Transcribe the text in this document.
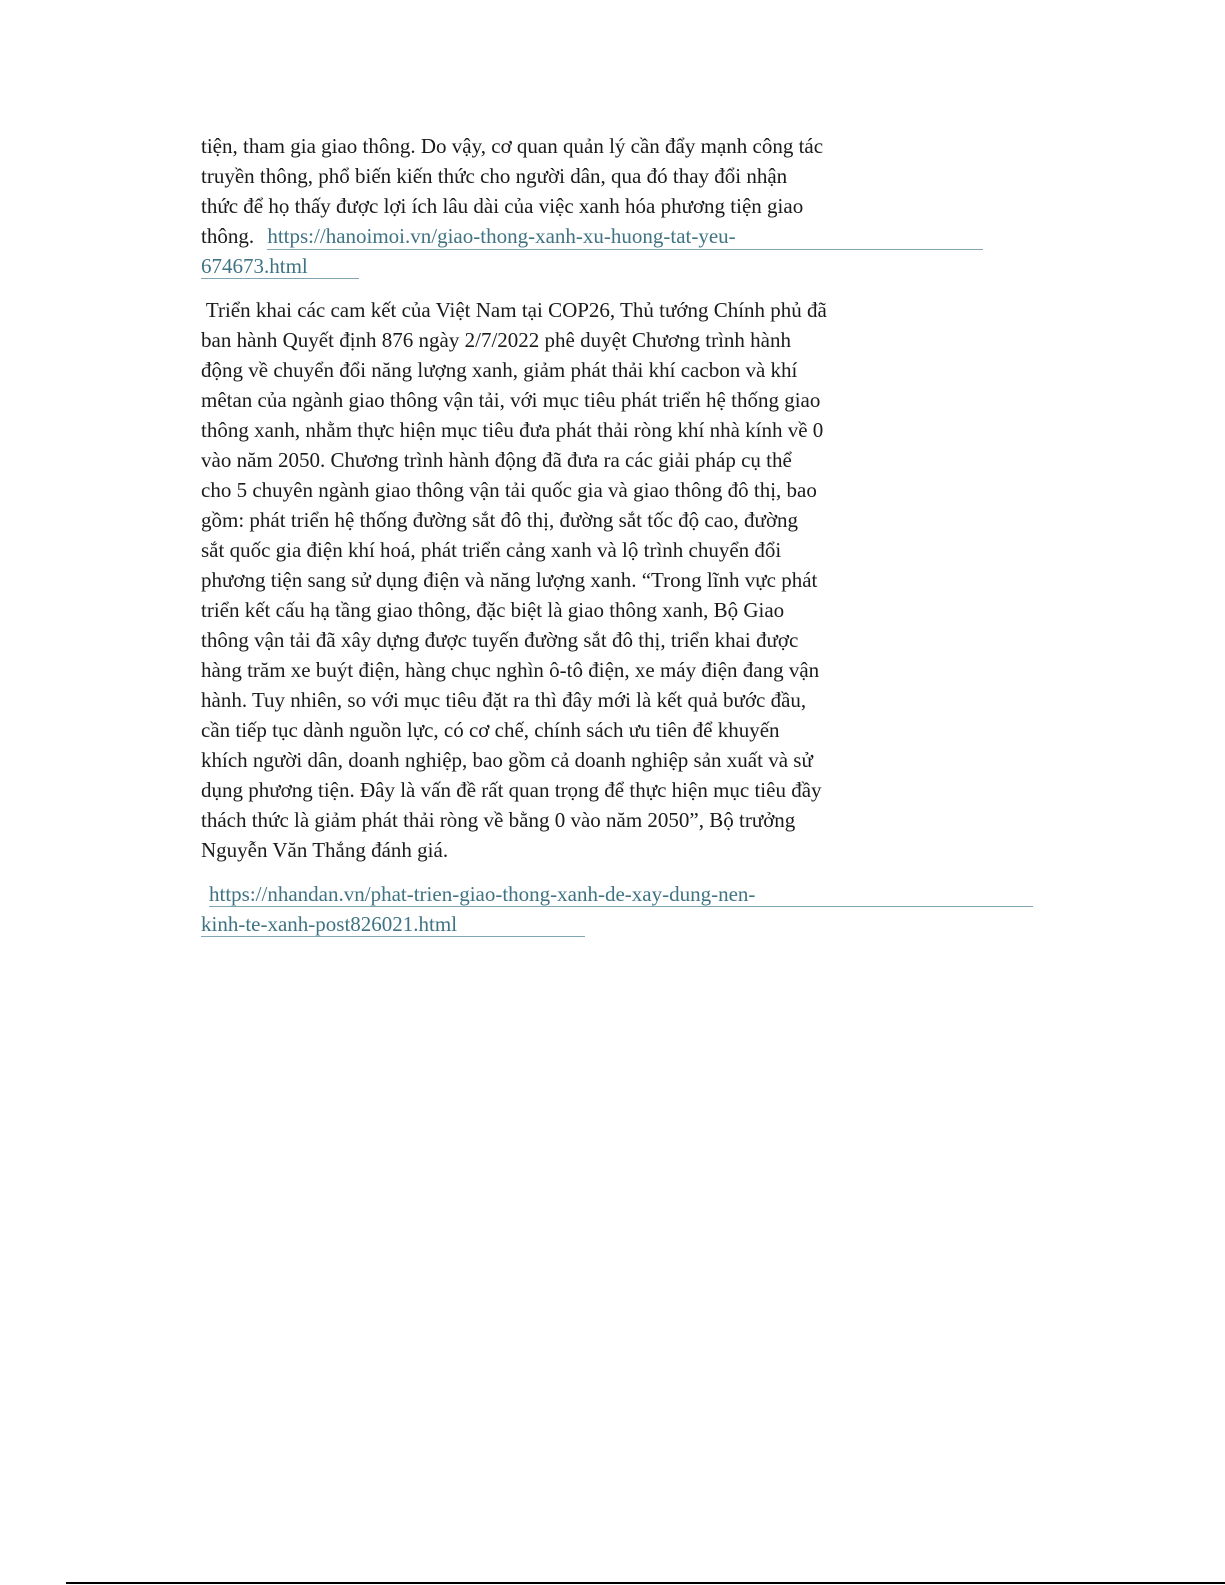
tiện, tham gia giao thông. Do vậy, cơ quan quản lý cần đẩy mạnh công tác
truyền thông, phổ biến kiến thức cho người dân, qua đó thay đổi nhận
thức để họ thấy được lợi ích lâu dài của việc xanh hóa phương tiện giao
thông. https://hanoimoi.vn/giao-thong-xanh-xu-huong-tat-yeu-
674673.html

Triển khai các cam kết của Việt Nam tại COP26, Thủ tướng Chính phủ đã
ban hành Quyết định 876 ngày 2/7/2022 phê duyệt Chương trình hành
động về chuyển đổi năng lượng xanh, giảm phát thải khí cacbon và khí
mêtan của ngành giao thông vận tải, với mục tiêu phát triển hệ thống giao
thông xanh, nhằm thực hiện mục tiêu đưa phát thải ròng khí nhà kính về 0
vào năm 2050. Chương trình hành động đã đưa ra các giải pháp cụ thể
cho 5 chuyên ngành giao thông vận tải quốc gia và giao thông đô thị, bao
gồm: phát triển hệ thống đường sắt đô thị, đường sắt tốc độ cao, đường
sắt quốc gia điện khí hoá, phát triển cảng xanh và lộ trình chuyển đổi
phương tiện sang sử dụng điện và năng lượng xanh. “Trong lĩnh vực phát
triển kết cấu hạ tầng giao thông, đặc biệt là giao thông xanh, Bộ Giao
thông vận tải đã xây dựng được tuyến đường sắt đô thị, triển khai được
hàng trăm xe buýt điện, hàng chục nghìn ô-tô điện, xe máy điện đang vận
hành. Tuy nhiên, so với mục tiêu đặt ra thì đây mới là kết quả bước đầu,
cần tiếp tục dành nguồn lực, có cơ chế, chính sách ưu tiên để khuyến
khích người dân, doanh nghiệp, bao gồm cả doanh nghiệp sản xuất và sử
dụng phương tiện. Đây là vấn đề rất quan trọng để thực hiện mục tiêu đầy
thách thức là giảm phát thải ròng về bằng 0 vào năm 2050”, Bộ trưởng
Nguyễn Văn Thắng đánh giá.

https://nhandan.vn/phat-trien-giao-thong-xanh-de-xay-dung-nen-
kinh-te-xanh-post826021.html
